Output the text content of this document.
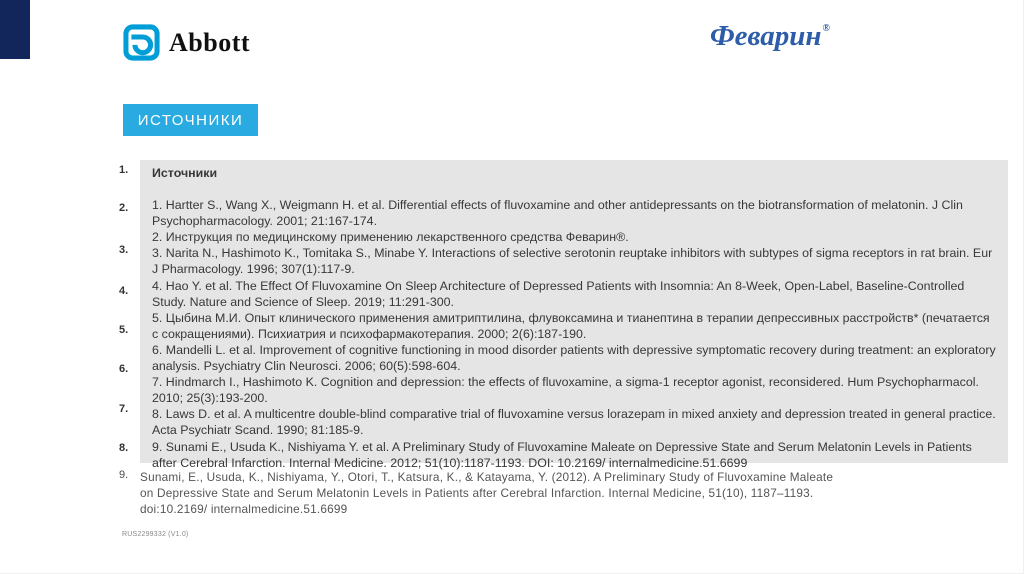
Abbott	Феварин®
ИСТОЧНИКИ
1.
2.
3.
4.
5.
6.
7.
8.
9.

Источники

1. Hartter S., Wang X., Weigmann H. et al. Differential effects of fluvoxamine and other antidepressants on the biotransformation of melatonin. J Clin Psychopharmacology. 2001; 21:167-174.

2. Инструкция по медицинскому применению лекарственного средства Феварин®.

3. Narita N., Hashimoto K., Tomitaka S., Minabe Y. Interactions of selective serotonin reuptake inhibitors with subtypes of sigma receptors in rat brain. Eur J Pharmacology. 1996; 307(1):117-9.

4. Hao Y. et al. The Effect Of Fluvoxamine On Sleep Architecture of Depressed Patients with Insomnia: An 8-Week, Open-Label, Baseline-Controlled Study. Nature and Science of Sleep. 2019; 11:291-300.

5. Цыбина М.И. Опыт клинического применения амитриптилина, флувоксамина и тианептина в терапии депрессивных расстройств* (печатается с сокращениями). Психиатрия и психофармакотерапия. 2000; 2(6):187-190.

6. Mandelli L. et al. Improvement of cognitive functioning in mood disorder patients with depressive symptomatic recovery during treatment: an exploratory analysis. Psychiatry Clin Neurosci. 2006; 60(5):598-604.

7. Hindmarch I., Hashimoto K. Cognition and depression: the effects of fluvoxamine, a sigma-1 receptor agonist, reconsidered. Hum Psychopharmacol. 2010; 25(3):193-200.

8. Laws D. et al. A multicentre double-blind comparative trial of fluvoxamine versus lorazepam in mixed anxiety and depression treated in general practice. Acta Psychiatr Scand. 1990; 81:185-9.

9. Sunami E., Usuda K., Nishiyama Y. et al. A Preliminary Study of Fluvoxamine Maleate on Depressive State and Serum Melatonin Levels in Patients after Cerebral Infarction. Internal Medicine. 2012; 51(10):1187-1193. DOI: 10.2169/ internalmedicine.51.6699

Sunami, E., Usuda, K., Nishiyama, Y., Otori, T., Katsura, K., & Katayama, Y. (2012). A Preliminary Study of Fluvoxamine Maleate on Depressive State and Serum Melatonin Levels in Patients after Cerebral Infarction. Internal Medicine, 51(10), 1187–1193. doi:10.2169/ internalmedicine.51.6699
RUS2299332 (V1.0)
